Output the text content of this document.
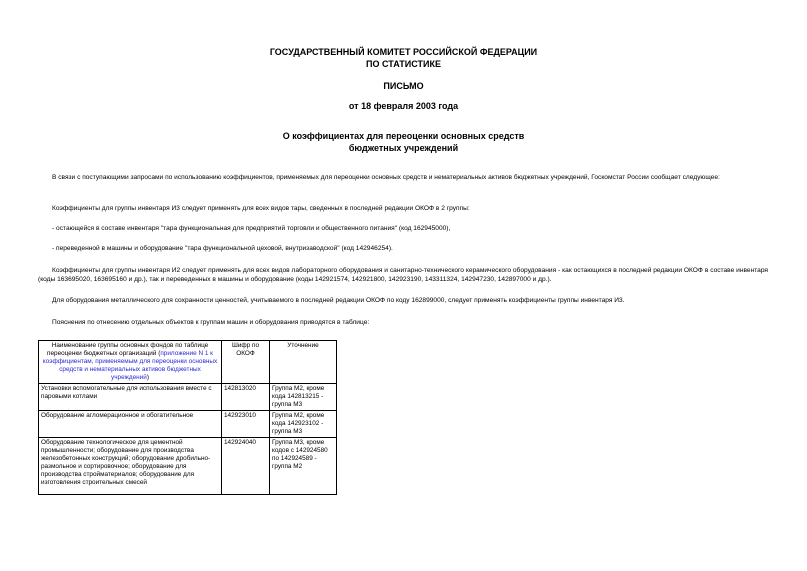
ГОСУДАРСТВЕННЫЙ КОМИТЕТ РОССИЙСКОЙ ФЕДЕРАЦИИ
ПО СТАТИСТИКЕ
ПИСЬМО
от 18 февраля 2003 года
О коэффициентах для переоценки основных средств
бюджетных учреждений
В связи с поступающими запросами по использованию коэффициентов, применяемых для переоценки основных средств и нематериальных активов бюджетных учреждений, Госкомстат России сообщает следующее:
Коэффициенты для группы инвентаря И3 следует применять для всех видов тары, сведенных в последней редакции ОКОФ в 2 группы:
- остающейся в составе инвентаря "тара функциональная для предприятий торговли и общественного питания" (код 162945000),
- переведенной в машины и оборудование "тара функциональной цеховой, внутризаводской" (код 142946254).
Коэффициенты для группы инвентаря И2 следует применять для всех видов лабораторного оборудования и санитарно-технического керамического оборудования - как остающихся в последней редакции ОКОФ в составе инвентаря (коды 163695020, 163695160 и др.), так и переведенных в машины и оборудование (коды 142921574, 142921800, 142923190, 143311324, 142947230, 142897000 и др.).
Для оборудования металлического для сохранности ценностей, учитываемого в последней редакции ОКОФ по коду 162899000, следует применять коэффициенты группы инвентаря И3.
Пояснения по отнесению отдельных объектов к группам машин и оборудования приводятся в таблице:
Наименование группы основных фондов по таблице переоценки бюджетных организаций (приложение N 1 к коэффициентам, применяемым для переоценки основных средств и нематериальных активов бюджетных учреждений)	Шифр по ОКОФ	Уточнение
Установки вспомогательные для использования вместе с паровыми котлами	142813020	Группа М2, кроме кода 142813215 - группа М3
Оборудование агломерационное и обогатительное	142923010	Группа М2, кроме кода 142923102 - группа М3
Оборудование технологическое для цементной промышленности; оборудование для производства железобетонных конструкций; оборудование дробильно-размольное и сортировочное; оборудование для производства стройматериалов; оборудование для изготовления строительных смесей	142924040	Группа М3, кроме кодов с 142924580 по 142924589 - группа М2
